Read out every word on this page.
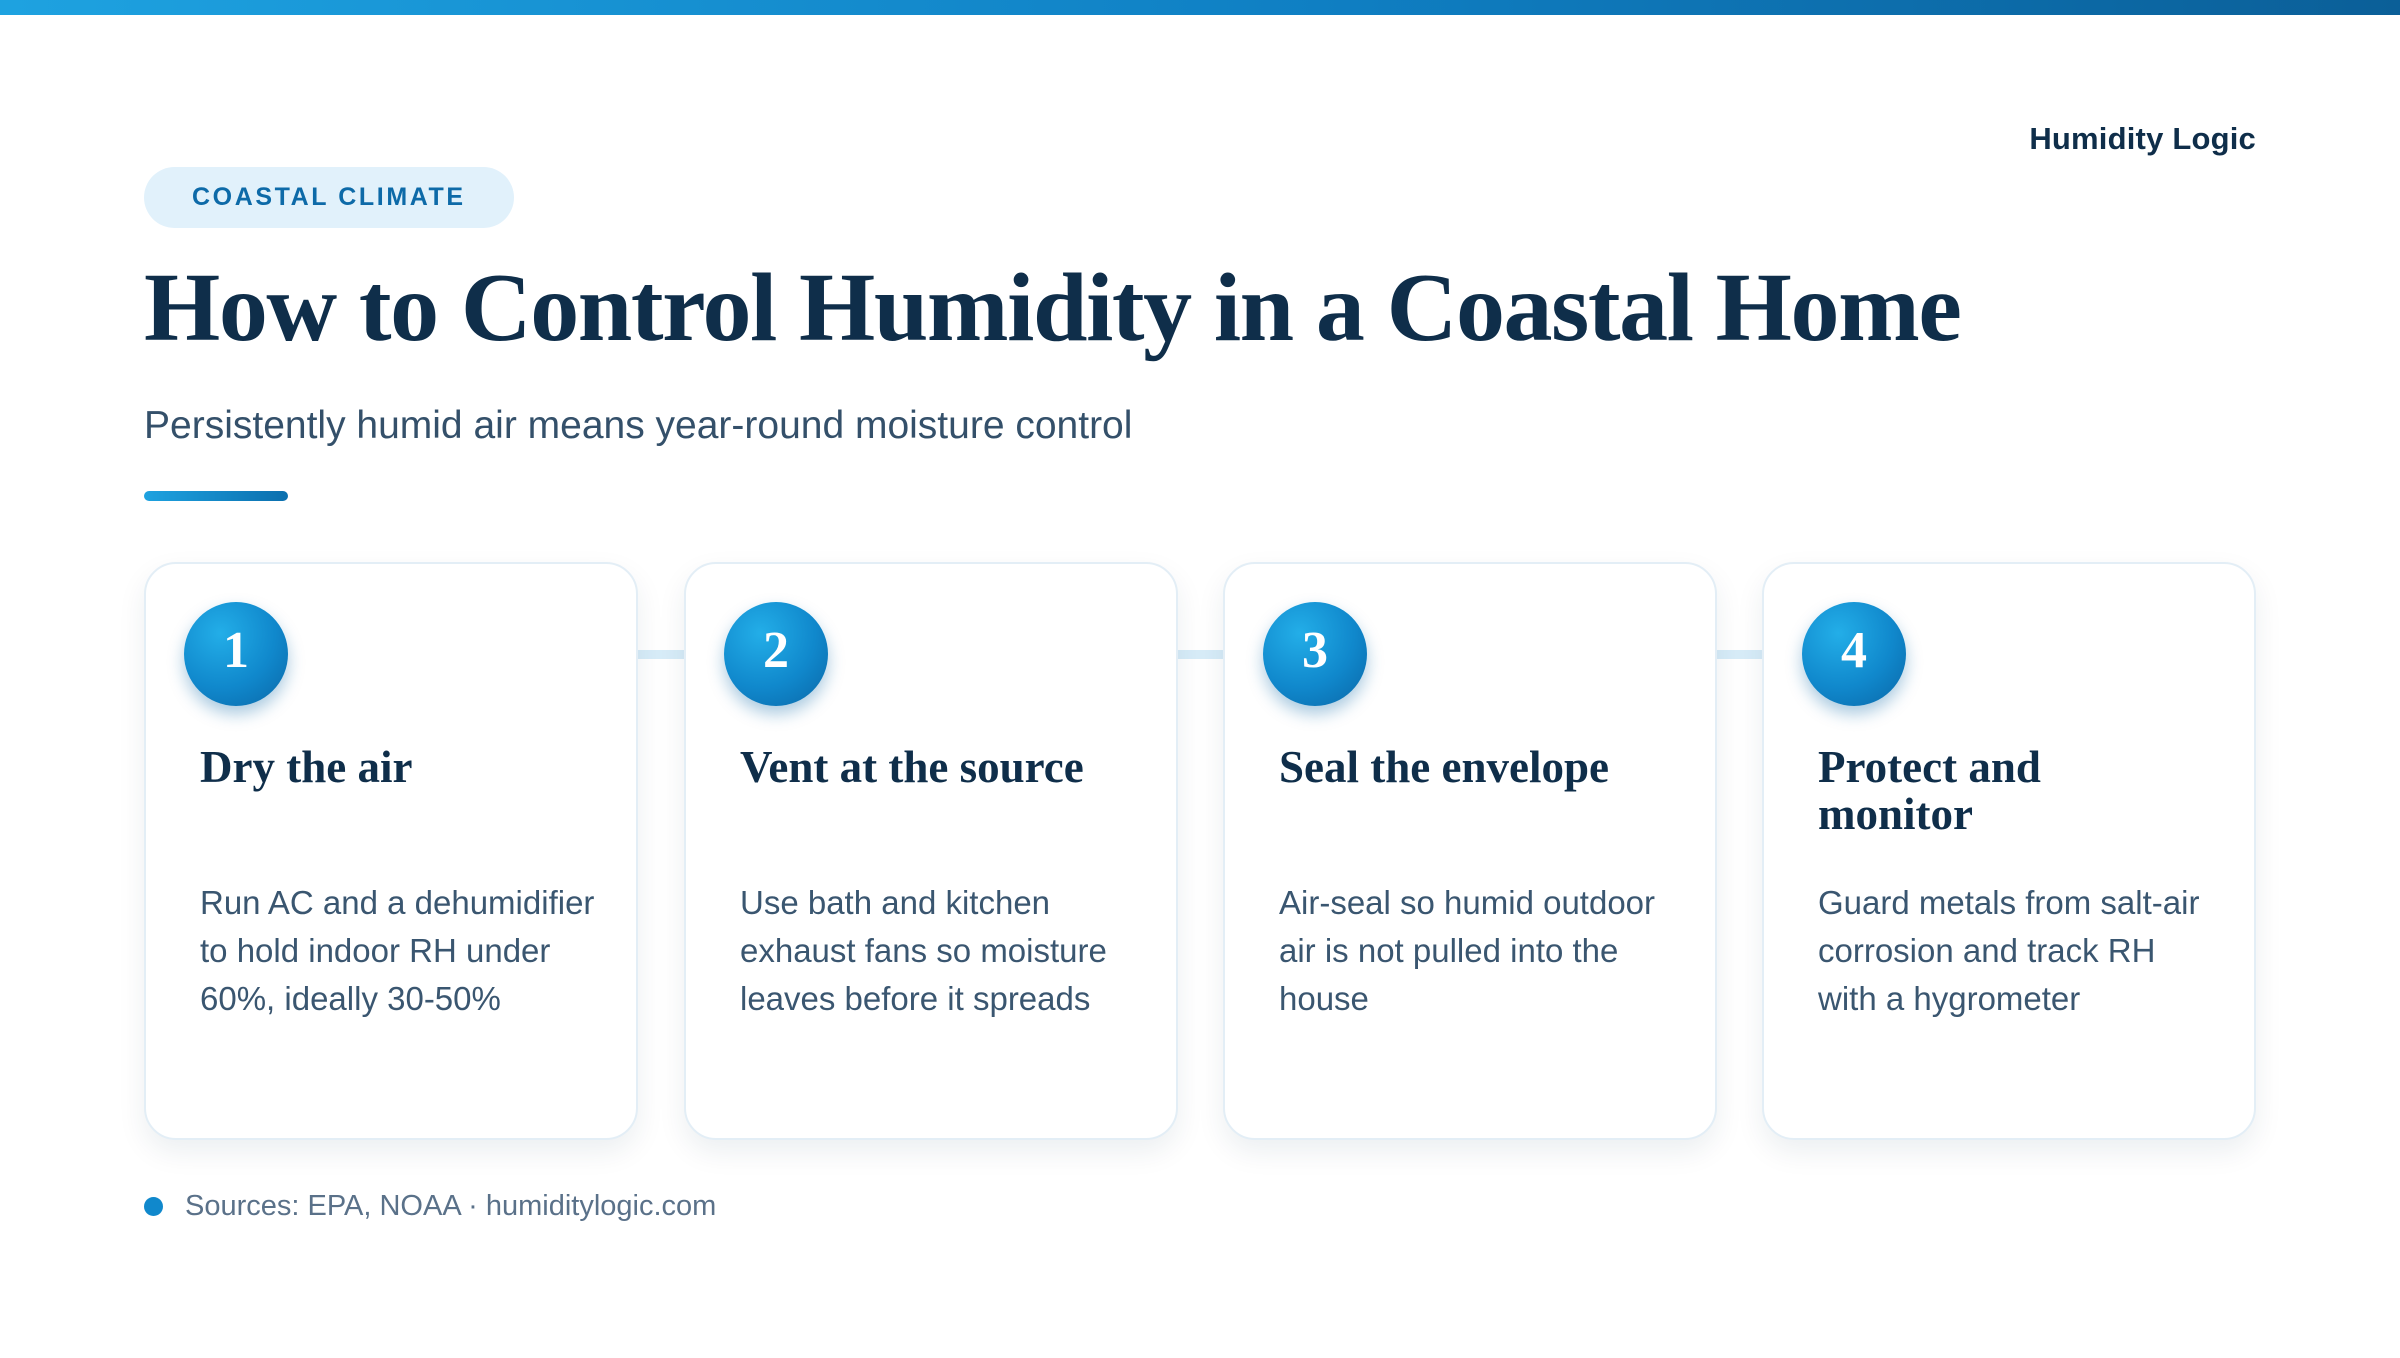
Humidity Logic
COASTAL CLIMATE
How to Control Humidity in a Coastal Home
Persistently humid air means year-round moisture control
1
Dry the air

Run AC and a dehumidifier to hold indoor RH under 60%, ideally 30-50%

2
Vent at the source

Use bath and kitchen exhaust fans so moisture leaves before it spreads

3
Seal the envelope

Air-seal so humid outdoor air is not pulled into the house

4
Protect and monitor

Guard metals from salt-air corrosion and track RH with a hygrometer

Sources: EPA, NOAA · humiditylogic.com
